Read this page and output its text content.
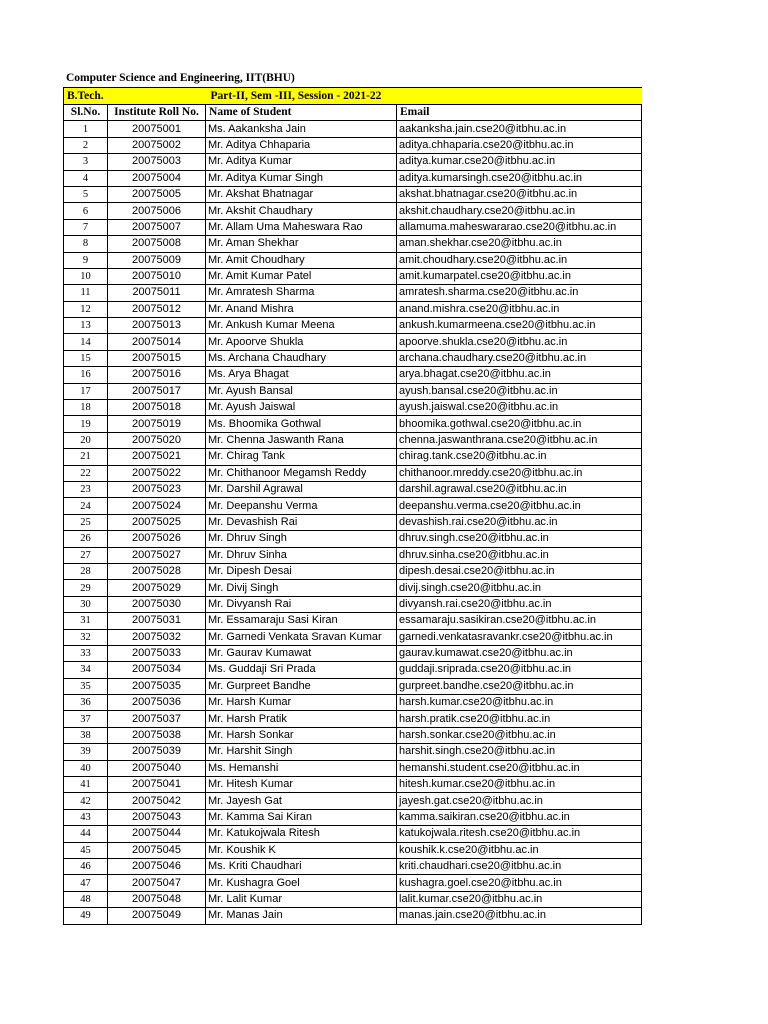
Computer Science and Engineering, IIT(BHU)
B.Tech.		Part-II, Sem -III, Session - 2021-22	
Sl.No.	Institute Roll No.	Name of Student	Email
1	20075001	Ms. Aakanksha Jain	aakanksha.jain.cse20@itbhu.ac.in
2	20075002	Mr. Aditya Chhaparia	aditya.chhaparia.cse20@itbhu.ac.in
3	20075003	Mr. Aditya Kumar	aditya.kumar.cse20@itbhu.ac.in
4	20075004	Mr. Aditya Kumar Singh	aditya.kumarsingh.cse20@itbhu.ac.in
5	20075005	Mr. Akshat Bhatnagar	akshat.bhatnagar.cse20@itbhu.ac.in
6	20075006	Mr. Akshit Chaudhary	akshit.chaudhary.cse20@itbhu.ac.in
7	20075007	Mr. Allam Uma Maheswara Rao	allamuma.maheswararao.cse20@itbhu.ac.in
8	20075008	Mr. Aman Shekhar	aman.shekhar.cse20@itbhu.ac.in
9	20075009	Mr. Amit Choudhary	amit.choudhary.cse20@itbhu.ac.in
10	20075010	Mr. Amit Kumar Patel	amit.kumarpatel.cse20@itbhu.ac.in
11	20075011	Mr. Amratesh Sharma	amratesh.sharma.cse20@itbhu.ac.in
12	20075012	Mr. Anand Mishra	anand.mishra.cse20@itbhu.ac.in
13	20075013	Mr. Ankush Kumar Meena	ankush.kumarmeena.cse20@itbhu.ac.in
14	20075014	Mr. Apoorve Shukla	apoorve.shukla.cse20@itbhu.ac.in
15	20075015	Ms. Archana Chaudhary	archana.chaudhary.cse20@itbhu.ac.in
16	20075016	Ms. Arya Bhagat	arya.bhagat.cse20@itbhu.ac.in
17	20075017	Mr. Ayush Bansal	ayush.bansal.cse20@itbhu.ac.in
18	20075018	Mr. Ayush Jaiswal	ayush.jaiswal.cse20@itbhu.ac.in
19	20075019	Ms. Bhoomika Gothwal	bhoomika.gothwal.cse20@itbhu.ac.in
20	20075020	Mr. Chenna Jaswanth Rana	chenna.jaswanthrana.cse20@itbhu.ac.in
21	20075021	Mr. Chirag Tank	chirag.tank.cse20@itbhu.ac.in
22	20075022	Mr. Chithanoor Megamsh Reddy	chithanoor.mreddy.cse20@itbhu.ac.in
23	20075023	Mr. Darshil Agrawal	darshil.agrawal.cse20@itbhu.ac.in
24	20075024	Mr. Deepanshu Verma	deepanshu.verma.cse20@itbhu.ac.in
25	20075025	Mr. Devashish Rai	devashish.rai.cse20@itbhu.ac.in
26	20075026	Mr. Dhruv Singh	dhruv.singh.cse20@itbhu.ac.in
27	20075027	Mr. Dhruv Sinha	dhruv.sinha.cse20@itbhu.ac.in
28	20075028	Mr. Dipesh Desai	dipesh.desai.cse20@itbhu.ac.in
29	20075029	Mr. Divij Singh	divij.singh.cse20@itbhu.ac.in
30	20075030	Mr. Divyansh Rai	divyansh.rai.cse20@itbhu.ac.in
31	20075031	Mr. Essamaraju Sasi Kiran	essamaraju.sasikiran.cse20@itbhu.ac.in
32	20075032	Mr. Garnedi Venkata Sravan Kumar	garnedi.venkatasravankr.cse20@itbhu.ac.in
33	20075033	Mr. Gaurav Kumawat	gaurav.kumawat.cse20@itbhu.ac.in
34	20075034	Ms. Guddaji Sri Prada	guddaji.sriprada.cse20@itbhu.ac.in
35	20075035	Mr. Gurpreet Bandhe	gurpreet.bandhe.cse20@itbhu.ac.in
36	20075036	Mr. Harsh Kumar	harsh.kumar.cse20@itbhu.ac.in
37	20075037	Mr. Harsh Pratik	harsh.pratik.cse20@itbhu.ac.in
38	20075038	Mr. Harsh Sonkar	harsh.sonkar.cse20@itbhu.ac.in
39	20075039	Mr. Harshit Singh	harshit.singh.cse20@itbhu.ac.in
40	20075040	Ms. Hemanshi	hemanshi.student.cse20@itbhu.ac.in
41	20075041	Mr. Hitesh Kumar	hitesh.kumar.cse20@itbhu.ac.in
42	20075042	Mr. Jayesh Gat	jayesh.gat.cse20@itbhu.ac.in
43	20075043	Mr. Kamma Sai Kiran	kamma.saikiran.cse20@itbhu.ac.in
44	20075044	Mr. Katukojwala Ritesh	katukojwala.ritesh.cse20@itbhu.ac.in
45	20075045	Mr. Koushik K	koushik.k.cse20@itbhu.ac.in
46	20075046	Ms. Kriti Chaudhari	kriti.chaudhari.cse20@itbhu.ac.in
47	20075047	Mr. Kushagra Goel	kushagra.goel.cse20@itbhu.ac.in
48	20075048	Mr. Lalit Kumar	lalit.kumar.cse20@itbhu.ac.in
49	20075049	Mr. Manas Jain	manas.jain.cse20@itbhu.ac.in
